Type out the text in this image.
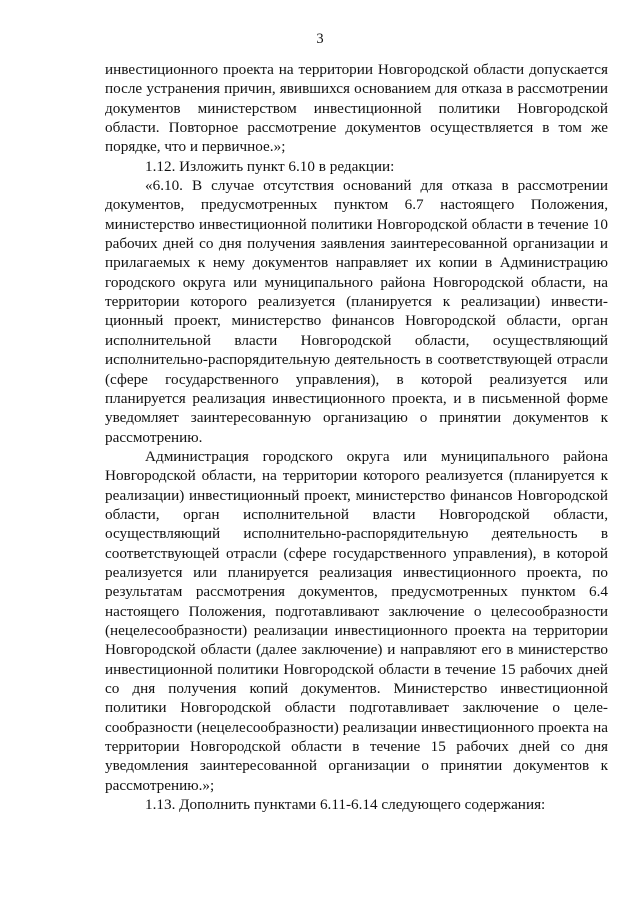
3

инвестиционного проекта на территории Новгородской области допускается после устранения причин, явившихся основанием для отказа в рассмотрении документов министерством инвестиционной политики Новгородской области. Повторное рассмотрение документов осуществляется в том же порядке, что и первичное.»;

1.12. Изложить пункт 6.10 в редакции:

«6.10. В случае отсутствия оснований для отказа в рассмотрении документов, предусмотренных пунктом 6.7 настоящего Положения, министерство инвестиционной политики Новгородской области в течение 10 рабочих дней со дня получения заявления заинтересованной организации и прилагаемых к нему документов направляет их копии в Администрацию городского округа или муниципального района Новгородской области, на территории которого реализуется (планируется к реализации) инвести-ционный проект, министерство финансов Новгородской области, орган исполнительной власти Новгородской области, осуществляющий исполнительно-распорядительную деятельность в соответствующей отрасли (сфере государственного управления), в которой реализуется или планируется реализация инвестиционного проекта, и в письменной форме уведомляет заинтересованную организацию о принятии документов к рассмотрению.

Администрация городского округа или муниципального района Новгородской области, на территории которого реализуется (планируется к реализации) инвестиционный проект, министерство финансов Новгородской области, орган исполнительной власти Новгородской области, осуществляющий исполнительно-распорядительную деятельность в соответствующей отрасли (сфере государственного управления), в которой реализуется или планируется реализация инвестиционного проекта, по результатам рассмотрения документов, предусмотренных пунктом 6.4 настоящего Положения, подготавливают заключение о целесообразности (нецелесообразности) реализации инвестиционного проекта на территории Новгородской области (далее заключение) и направляют его в министерство инвестиционной политики Новгородской области в течение 15 рабочих дней со дня получения копий документов. Министерство инвестиционной политики Новгородской области подготавливает заключение о целе-сообразности (нецелесообразности) реализации инвестиционного проекта на территории Новгородской области в течение 15 рабочих дней со дня уведомления заинтересованной организации о принятии документов к рассмотрению.»;

1.13. Дополнить пунктами 6.11-6.14 следующего содержания:
